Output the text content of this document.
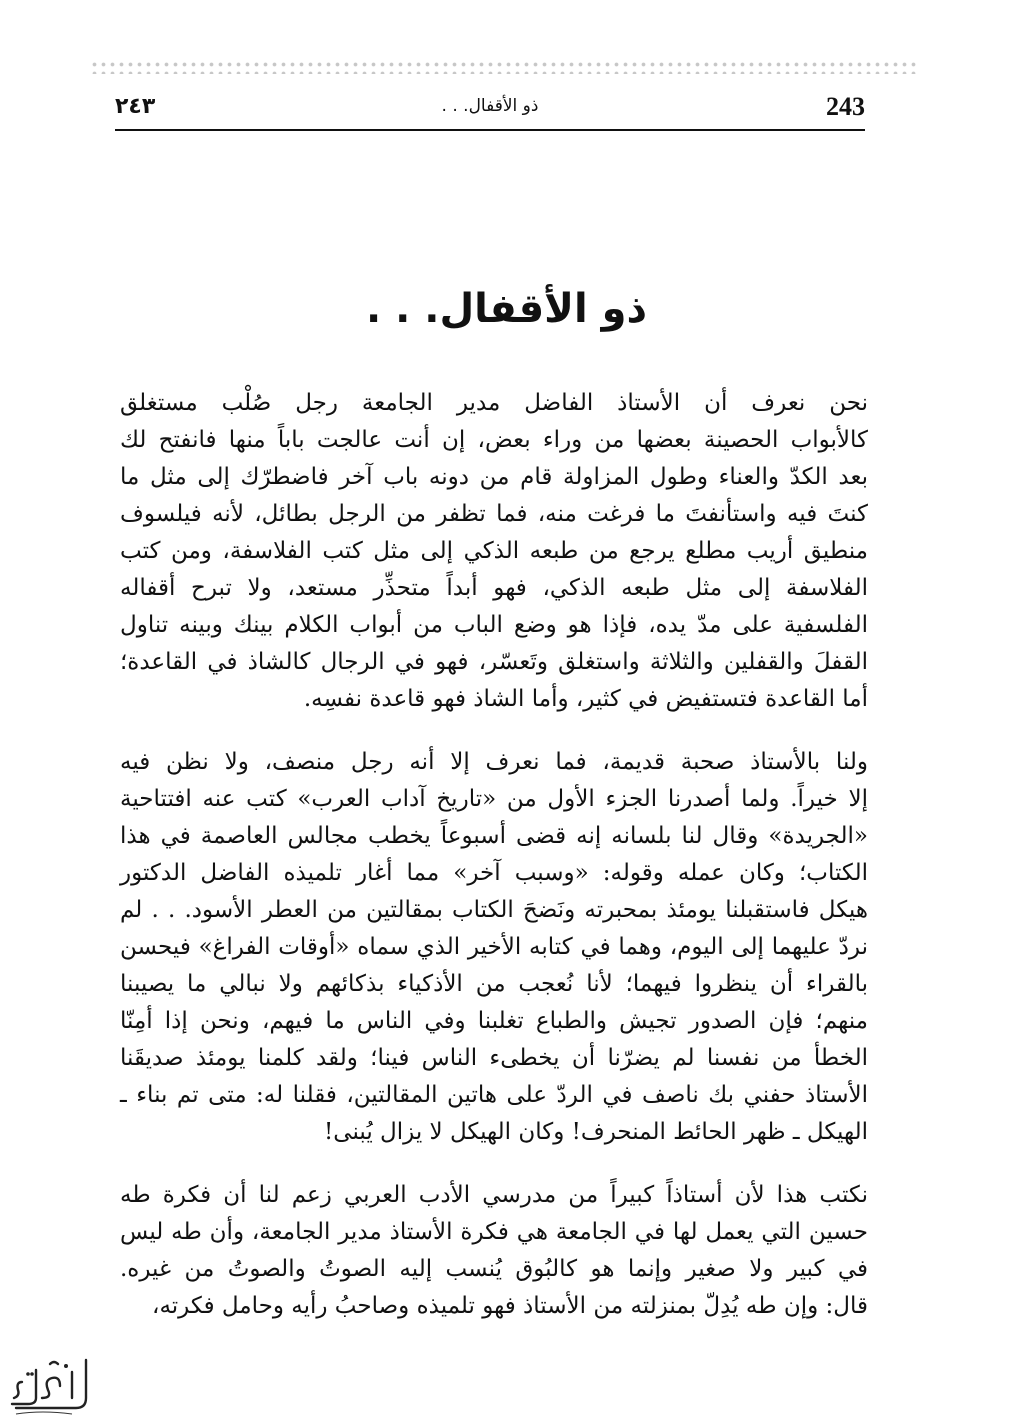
٢٤٣	ذو الأقفال. . .	243
ذو الأقفال. . .
نحن نعرف أن الأستاذ الفاضل مدير الجامعة رجل صُلْب مستغلق
كالأبواب الحصينة بعضها من وراء بعض، إن أنت عالجت باباً منها فانفتح لك
بعد الكدّ والعناء وطول المزاولة قام من دونه باب آخر فاضطرّك إلى مثل ما
كنتَ فيه واستأنفتَ ما فرغت منه، فما تظفر من الرجل بطائل، لأنه فيلسوف
منطيق أريب مطلع يرجع من طبعه الذكي إلى مثل كتب الفلاسفة، ومن كتب
الفلاسفة إلى مثل طبعه الذكي، فهو أبداً متحذِّر مستعد، ولا تبرح أقفاله
الفلسفية على مدّ يده، فإذا هو وضع الباب من أبواب الكلام بينك وبينه تناول
القفلَ والقفلين والثلاثة واستغلق وتَعسّر، فهو في الرجال كالشاذ في القاعدة؛
أما القاعدة فتستفيض في كثير، وأما الشاذ فهو قاعدة نفسِه.
ولنا بالأستاذ صحبة قديمة، فما نعرف إلا أنه رجل منصف، ولا نظن فيه
إلا خيراً. ولما أصدرنا الجزء الأول من «تاريخ آداب العرب» كتب عنه افتتاحية
«الجريدة» وقال لنا بلسانه إنه قضى أسبوعاً يخطب مجالس العاصمة في هذا
الكتاب؛ وكان عمله وقوله: «وسبب آخر» مما أغار تلميذه الفاضل الدكتور
هيكل فاستقبلنا يومئذ بمحبرته ونَضحَ الكتاب بمقالتين من العطر الأسود. . . لم
نردّ عليهما إلى اليوم، وهما في كتابه الأخير الذي سماه «أوقات الفراغ» فيحسن
بالقراء أن ينظروا فيهما؛ لأنا نُعجب من الأذكياء بذكائهم ولا نبالي ما يصيبنا
منهم؛ فإن الصدور تجيش والطباع تغلبنا وفي الناس ما فيهم، ونحن إذا أمِنّا
الخطأ من نفسنا لم يضرّنا أن يخطىء الناس فينا؛ ولقد كلمنا يومئذ صديقَنا
الأستاذ حفني بك ناصف في الردّ على هاتين المقالتين، فقلنا له: متى تم بناء ـ
الهيكل ـ ظهر الحائط المنحرف! وكان الهيكل لا يزال يُبنى!
نكتب هذا لأن أستاذاً كبيراً من مدرسي الأدب العربي زعم لنا أن فكرة طه
حسين التي يعمل لها في الجامعة هي فكرة الأستاذ مدير الجامعة، وأن طه ليس
في كبير ولا صغير وإنما هو كالبُوق يُنسب إليه الصوتُ والصوتُ من غيره.
قال: وإن طه يُدِلّ بمنزلته من الأستاذ فهو تلميذه وصاحبُ رأيه وحامل فكرته،
